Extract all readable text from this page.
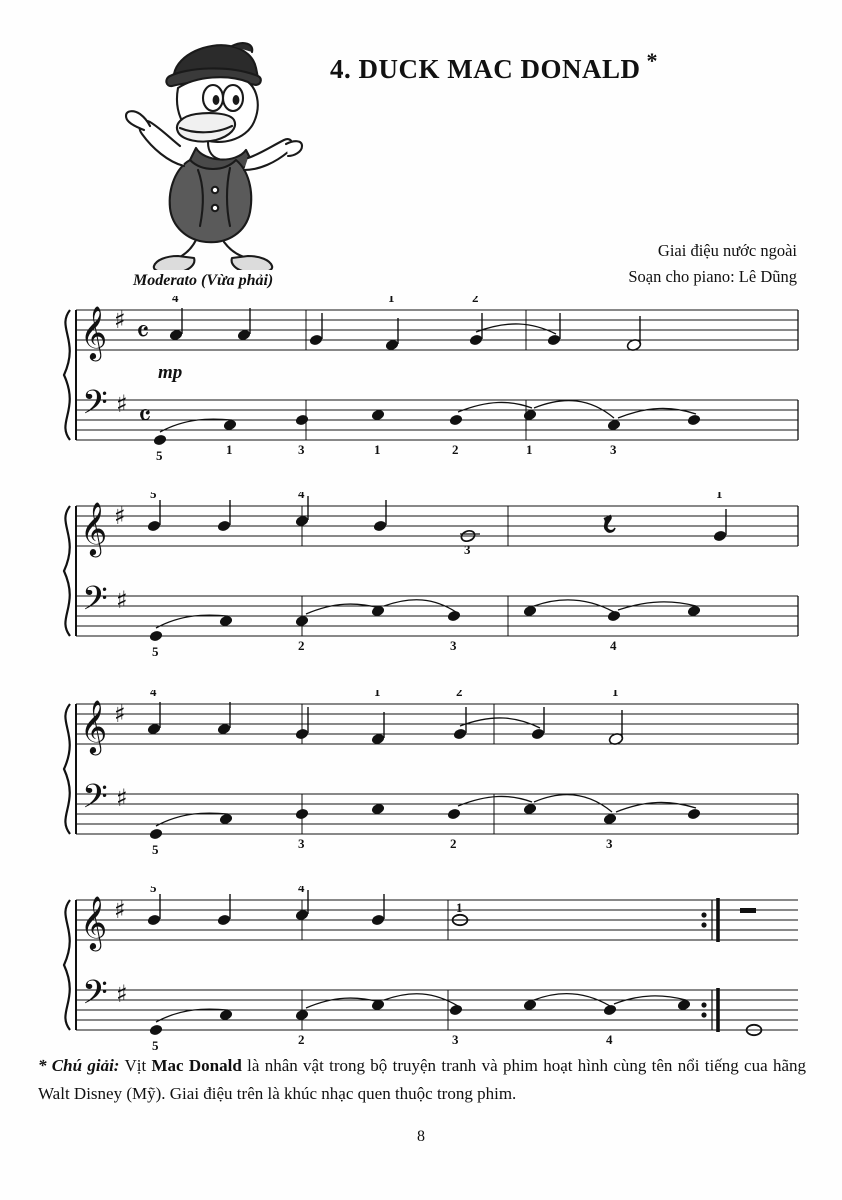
4. DUCK MAC DONALD *
Giai điệu nước ngoài
Soạn cho piano: Lê Dũng
Moderato (Vừa phải)
𝄞
𝄢
♯
♯
𝄴
𝄴
4	1	2
5	1	3	1	2	1	3
mp
𝄞
𝄢
♯
♯
5	4
3
1
5	2	3	4
𝄞
𝄢
♯
♯
4	1	2	1
5	3	2	3
𝄞
𝄢
♯
♯
5	4
1
5	2	3	4
* Chú giải: Vịt Mac Donald là nhân vật trong bộ truyện tranh và phim hoạt hình cùng tên nổi tiếng cua hãng Walt Disney (Mỹ). Giai điệu trên là khúc nhạc quen thuộc trong phim.
8
